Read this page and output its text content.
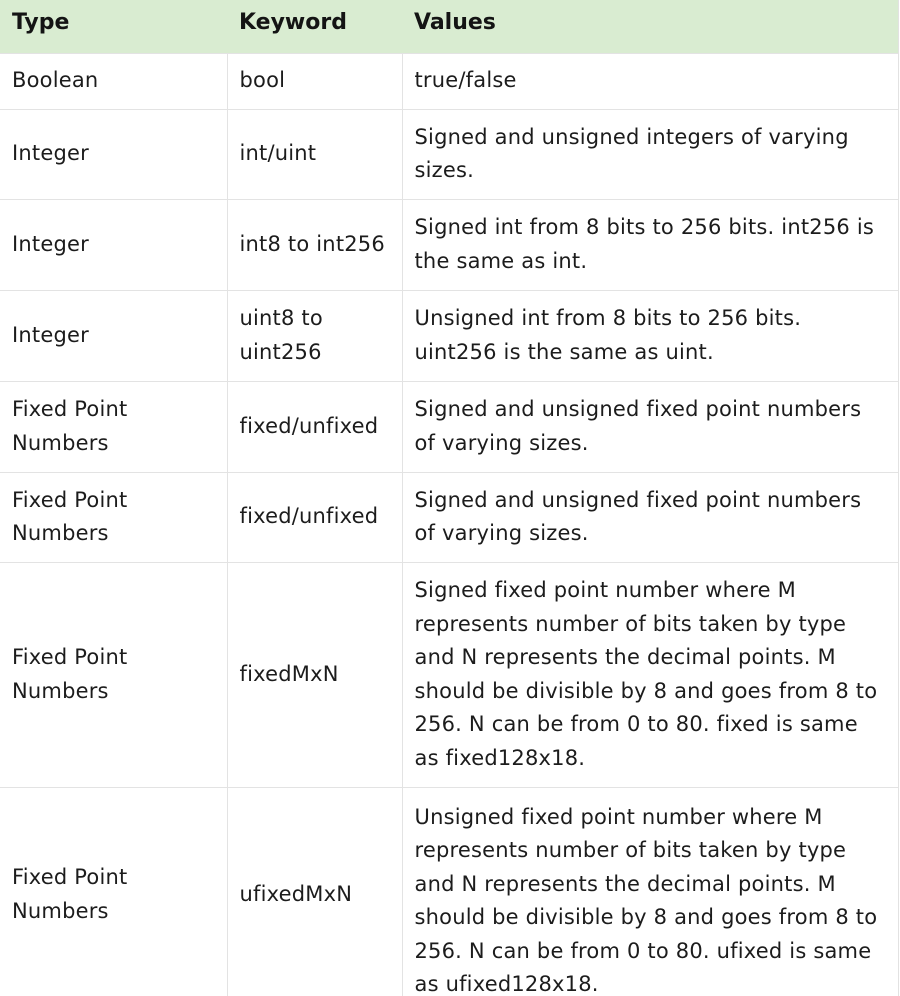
Type	Keyword	Values
Boolean	bool	true/false
Integer	int/uint	Signed and unsigned integers of varying sizes.
Integer	int8 to int256	Signed int from 8 bits to 256 bits. int256 is the same as int.
Integer	uint8 to uint256	Unsigned int from 8 bits to 256 bits. uint256 is the same as uint.
Fixed Point Numbers	fixed/unfixed	Signed and unsigned fixed point numbers of varying sizes.
Fixed Point Numbers	fixed/unfixed	Signed and unsigned fixed point numbers of varying sizes.
Fixed Point Numbers	fixedMxN	Signed fixed point number where M represents number of bits taken by type and N represents the decimal points. M should be divisible by 8 and goes from 8 to 256. N can be from 0 to 80. fixed is same as fixed128x18.
Fixed Point Numbers	ufixedMxN	Unsigned fixed point number where M represents number of bits taken by type and N represents the decimal points. M should be divisible by 8 and goes from 8 to 256. N can be from 0 to 80. ufixed is same as ufixed128x18.
